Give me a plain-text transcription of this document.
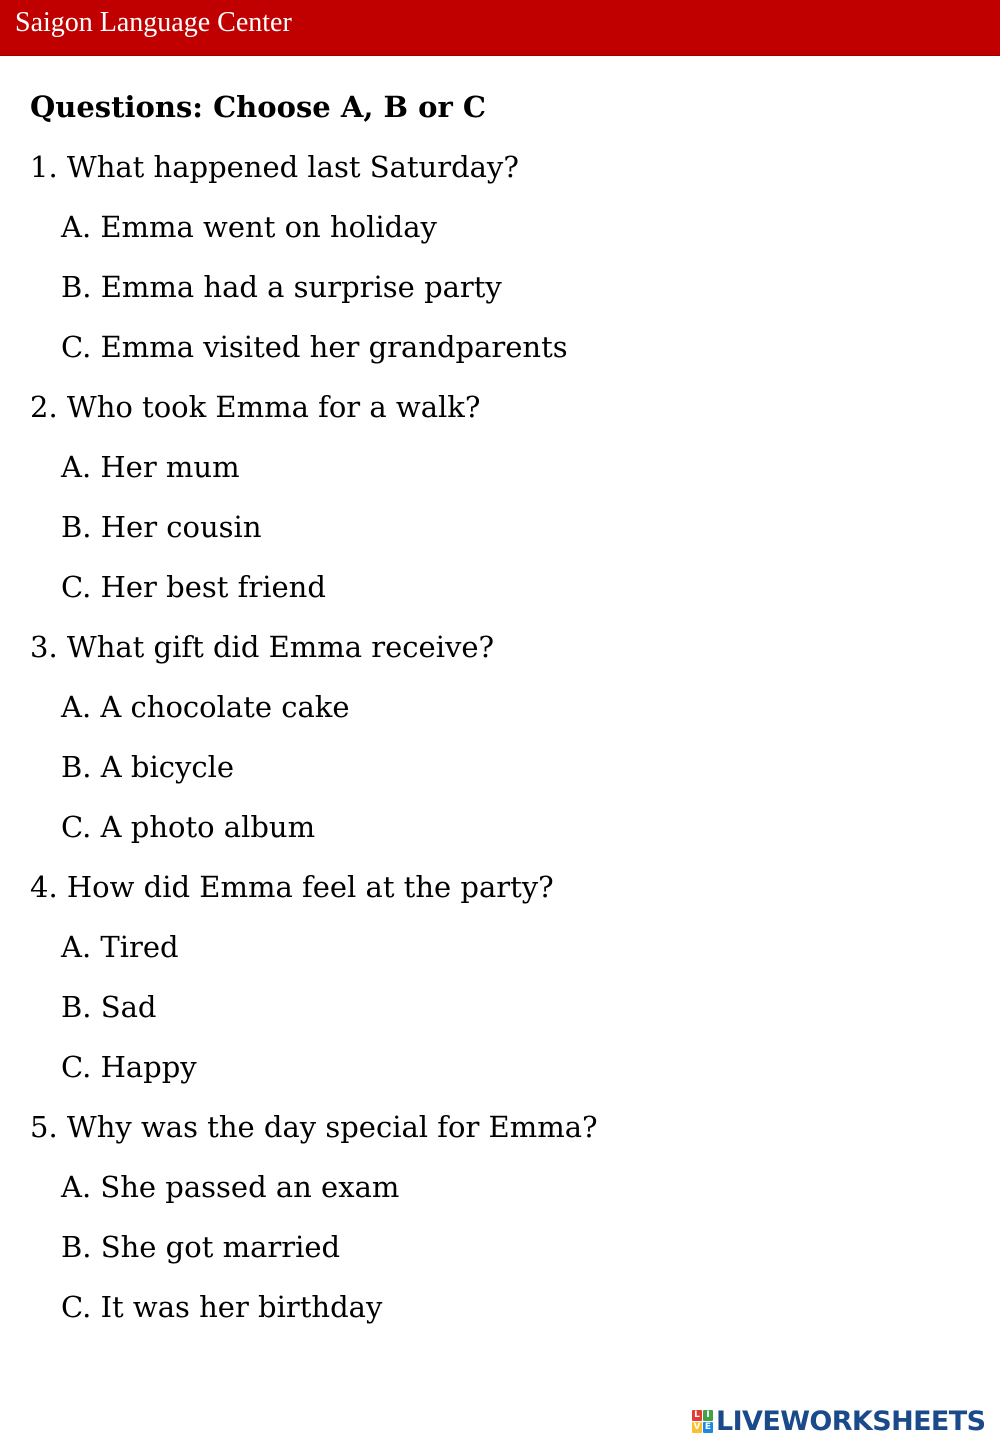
Saigon Language Center
Questions: Choose A, B or C
1. What happened last Saturday?
A. Emma went on holiday
B. Emma had a surprise party
C. Emma visited her grandparents
2. Who took Emma for a walk?
A. Her mum
B. Her cousin
C. Her best friend
3. What gift did Emma receive?
A. A chocolate cake
B. A bicycle
C. A photo album
4. How did Emma feel at the party?
A. Tired
B. Sad
C. Happy
5. Why was the day special for Emma?
A. She passed an exam
B. She got married
C. It was her birthday
L I
V E LIVEWORKSHEETS
